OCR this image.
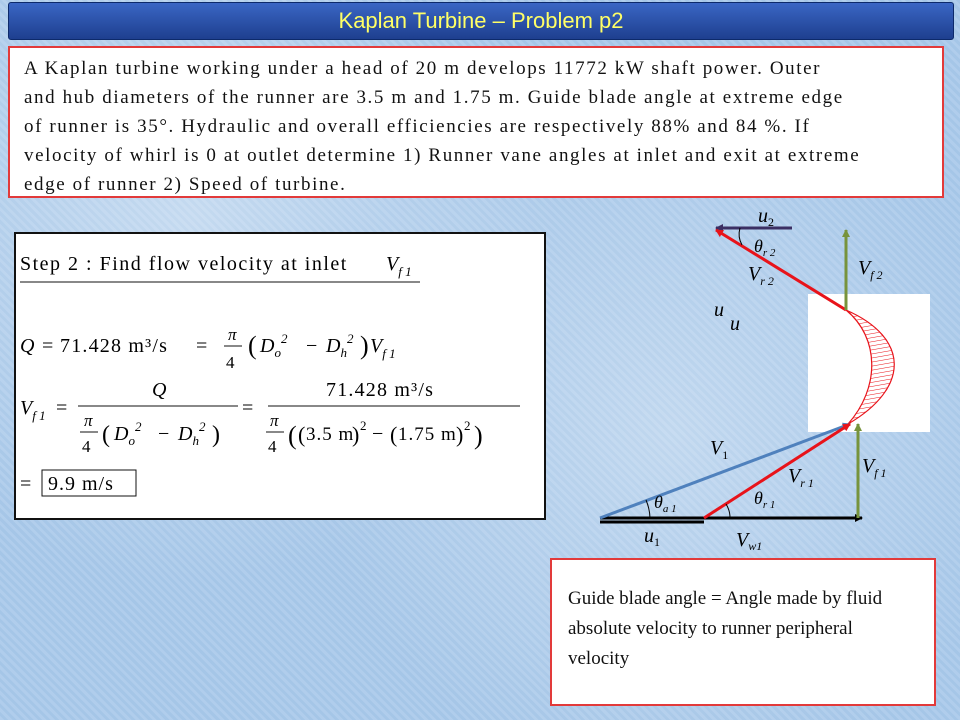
Kaplan Turbine – Problem p2
A Kaplan turbine working under a head of 20 m develops 11772 kW shaft power. Outer
and hub diameters of the runner are 3.5 m and 1.75 m. Guide blade angle at extreme edge
of runner is 35°. Hydraulic and overall efficiencies are respectively 88% and 84 %. If
velocity of whirl is 0 at outlet determine 1) Runner vane angles at inlet and exit at extreme
edge of runner 2) Speed of turbine.
Step 2 : Find flow velocity at inlet $V_{f 1}$
Q = 71.428 m³/s =
π
4
( $D_o^2 - D_h^2$ ) $V_{f 1}$
$V_{f 1}$ =
Q
π
4 ( $D_o^2 - D_h^2$ )
=
71.428 m³/s
π
4 ( ( 3.5 m
) 2 − ( 1.75 m ) 2 )
= 9.9 m/s
$u_2$
$\theta_{r 2}$
$V_{r 2}$
$V_{f 2}$
u
u
$V_1$
$V_{r 1}$
$V_{f 1}$
$\theta_{a 1}$
$\theta_{r 1}$
$u_1$	$V_{w1}$
Guide blade angle = Angle made by fluid
absolute velocity to runner peripheral
velocity
